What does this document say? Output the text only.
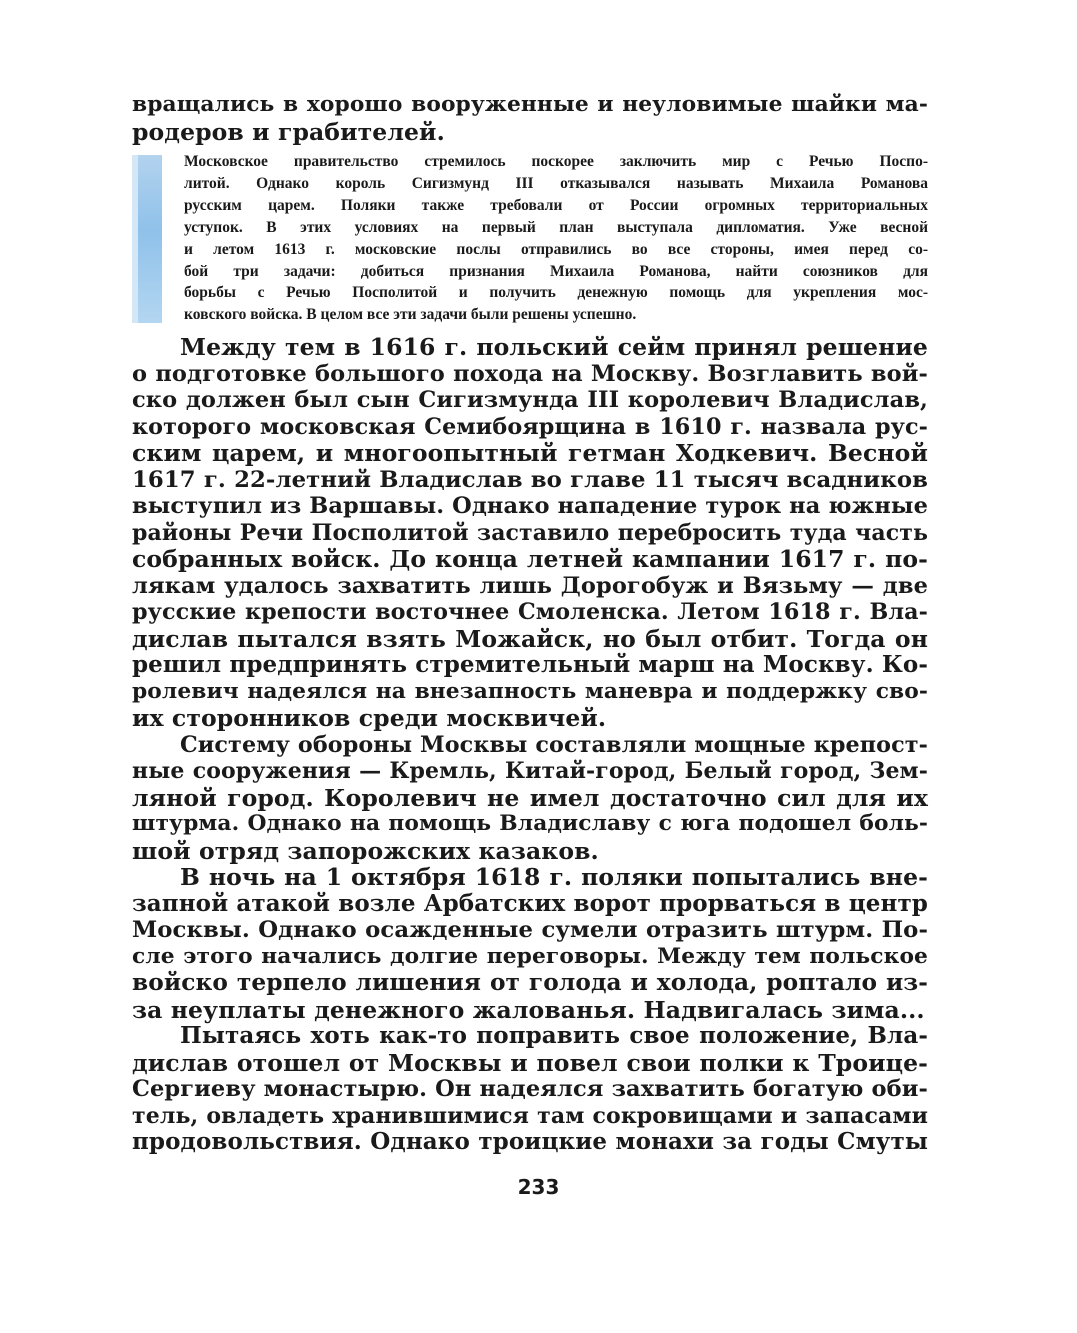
вращались в хорошо вооруженные и неуловимые шайки ма-
родеров и грабителей.
Московское правительство стремилось поскорее заключить мир с Речью Поспо-
литой. Однако король Сигизмунд III отказывался называть Михаила Романова
русским царем. Поляки также требовали от России огромных территориальных
уступок. В этих условиях на первый план выступала дипломатия. Уже весной
и летом 1613 г. московские послы отправились во все стороны, имея перед со-
бой три задачи: добиться признания Михаила Романова, найти союзников для
борьбы с Речью Посполитой и получить денежную помощь для укрепления мос-
ковского войска. В целом все эти задачи были решены успешно.
Между тем в 1616 г. польский сейм принял решение
о подготовке большого похода на Москву. Возглавить вой-
ско должен был сын Сигизмунда III королевич Владислав,
которого московская Семибоярщина в 1610 г. назвала рус-
ским царем, и многоопытный гетман Ходкевич. Весной
1617 г. 22-летний Владислав во главе 11 тысяч всадников
выступил из Варшавы. Однако нападение турок на южные
районы Речи Посполитой заставило перебросить туда часть
собранных войск. До конца летней кампании 1617 г. по-
лякам удалось захватить лишь Дорогобуж и Вязьму — две
русские крепости восточнее Смоленска. Летом 1618 г. Вла-
дислав пытался взять Можайск, но был отбит. Тогда он
решил предпринять стремительный марш на Москву. Ко-
ролевич надеялся на внезапность маневра и поддержку сво-
их сторонников среди москвичей.
Систему обороны Москвы составляли мощные крепост-
ные сооружения — Кремль, Китай-город, Белый город, Зем-
ляной город. Королевич не имел достаточно сил для их
штурма. Однако на помощь Владиславу с юга подошел боль-
шой отряд запорожских казаков.
В ночь на 1 октября 1618 г. поляки попытались вне-
запной атакой возле Арбатских ворот прорваться в центр
Москвы. Однако осажденные сумели отразить штурм. По-
сле этого начались долгие переговоры. Между тем польское
войско терпело лишения от голода и холода, роптало из-
за неуплаты денежного жалованья. Надвигалась зима...
Пытаясь хоть как-то поправить свое положение, Вла-
дислав отошел от Москвы и повел свои полки к Троице-
Сергиеву монастырю. Он надеялся захватить богатую оби-
тель, овладеть хранившимися там сокровищами и запасами
продовольствия. Однако троицкие монахи за годы Смуты
233
